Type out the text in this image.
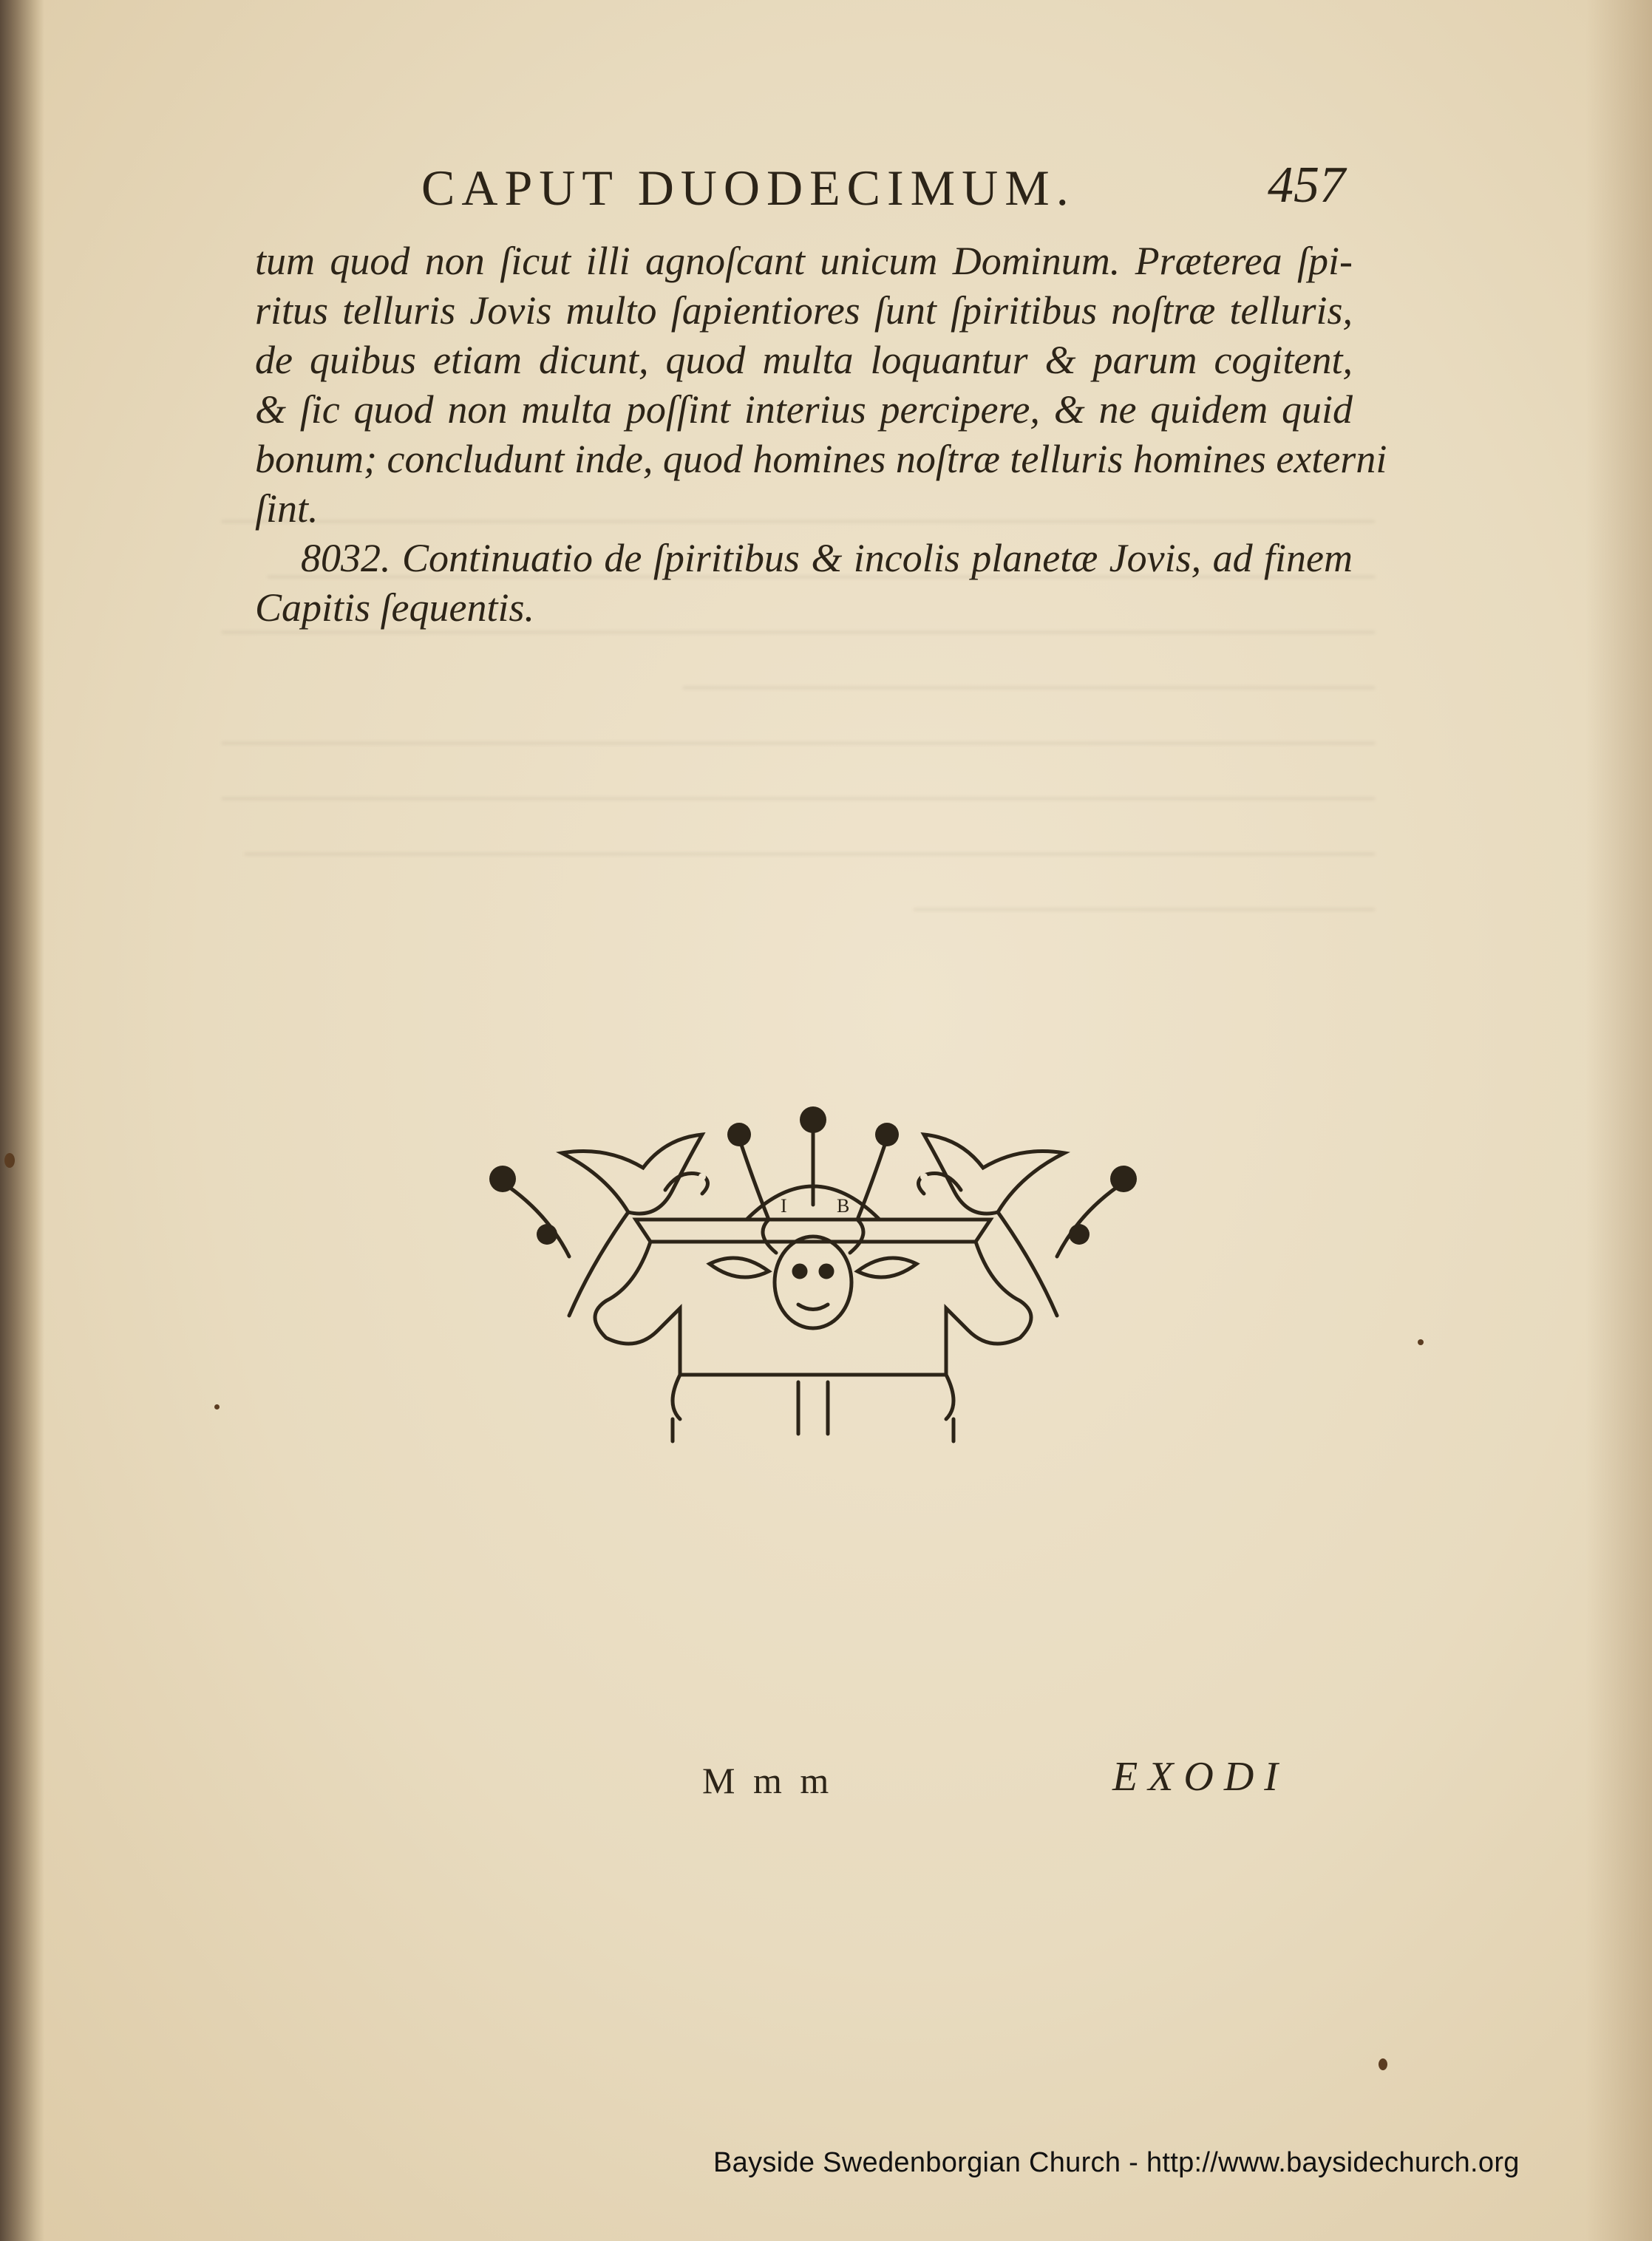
CAPUT DUODECIMUM.	457
tum quod non ſicut illi agnoſcant unicum Dominum. Præterea ſpi-
ritus telluris Jovis multo ſapientiores ſunt ſpiritibus noſtræ telluris,
de quibus etiam dicunt, quod multa loquantur & parum cogitent,
& ſic quod non multa poſſint interius percipere, & ne quidem quid
bonum; concludunt inde, quod homines noſtræ telluris homines externi
ſint.
8032. Continuatio de ſpiritibus & incolis planetæ Jovis, ad finem
Capitis ſequentis.
I	B
M m m	EXODI
Bayside Swedenborgian Church - http://www.baysidechurch.org
